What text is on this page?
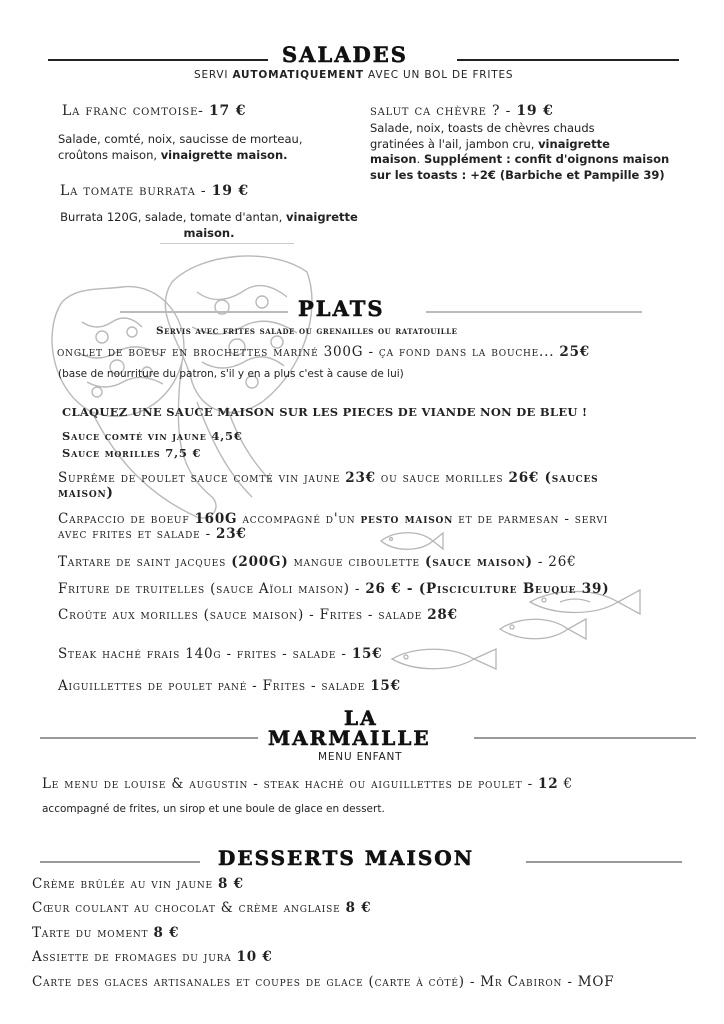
SALADES
SERVI AUTOMATIQUEMENT AVEC UN BOL DE FRITES
La franc comtoise- 17 €
Salade, comté, noix, saucisse de morteau,
croûtons maison, vinaigrette maison.
La tomate burrata - 19 €
Burrata 120G, salade, tomate d'antan, vinaigrette
maison.
salut ca chèvre ? - 19 €
Salade, noix, toasts de chèvres chauds
gratinées à l'ail, jambon cru, vinaigrette
maison. Supplément : confit d'oignons maison
sur les toasts : +2€ (Barbiche et Pampille 39)
PLATS
Servis avec frites salade ou grenailles ou ratatouille
onglet de boeuf en brochettes mariné 300G - ça fond dans la bouche... 25€
(base de nourriture du patron, s'il y en a plus c'est à cause de lui)
CLAQUEZ UNE SAUCE MAISON SUR LES PIECES DE VIANDE NON DE BLEU !
Sauce comté vin jaune 4,5€
Sauce morilles 7,5 €
Suprême de poulet sauce comté vin jaune 23€ ou sauce morilles 26€ (sauces
maison)
Carpaccio de boeuf 160G accompagné d'un pesto maison et de parmesan - servi
avec frites et salade - 23€
Tartare de saint jacques (200G) mangue ciboulette (sauce maison) - 26€
Friture de truitelles (sauce Aïoli maison) - 26 € - (Pisciculture Beuque 39)
Croûte aux morilles (sauce maison) - Frites - salade 28€
Steak haché frais 140g - frites - salade - 15€
Aiguillettes de poulet pané - Frites - salade 15€
LA
MARMAILLE
MENU ENFANT
Le menu de louise & augustin - steak haché ou aiguillettes de poulet - 12 €
accompagné de frites, un sirop et une boule de glace en dessert.
DESSERTS MAISON
Crème brûlée au vin jaune 8 €
Cœur coulant au chocolat & crème anglaise 8 €
Tarte du moment 8 €
Assiette de fromages du jura 10 €
Carte des glaces artisanales et coupes de glace (carte à côté) - Mr Cabiron - MOF
